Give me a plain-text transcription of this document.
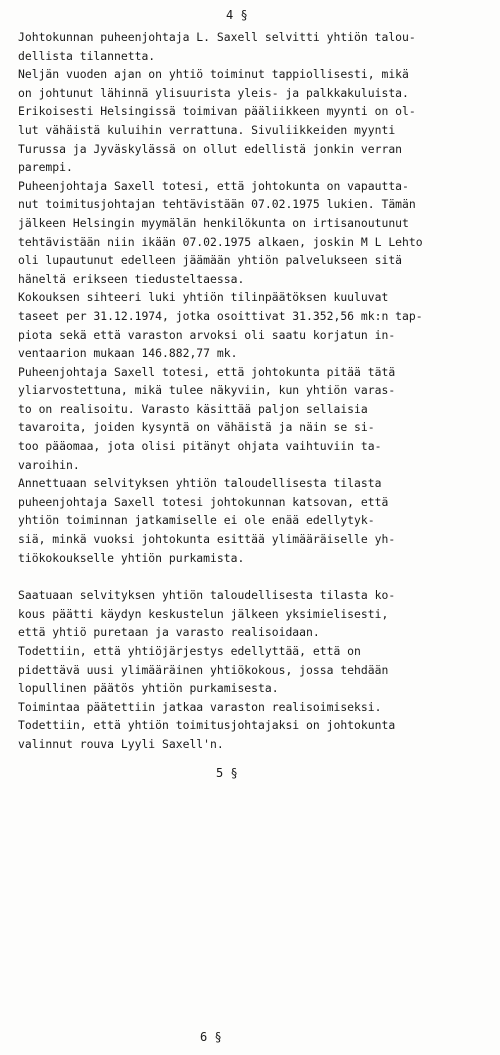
4 §
Johtokunnan puheenjohtaja L. Saxell selvitti yhtiön talou-
dellista tilannetta.
Neljän vuoden ajan on yhtiö toiminut tappiollisesti, mikä
on johtunut lähinnä ylisuurista yleis- ja palkkakuluista.
Erikoisesti Helsingissä toimivan pääliikkeen myynti on ol-
lut vähäistä kuluihin verrattuna. Sivuliikkeiden myynti
Turussa ja Jyväskylässä on ollut edellistä jonkin verran
parempi.
Puheenjohtaja Saxell totesi, että johtokunta on vapautta-
nut toimitusjohtajan tehtävistään 07.02.1975 lukien. Tämän
jälkeen Helsingin myymälän henkilökunta on irtisanoutunut
tehtävistään niin ikään 07.02.1975 alkaen, joskin M L Lehto
oli lupautunut edelleen jäämään yhtiön palvelukseen sitä
häneltä erikseen tiedusteltaessa.
Kokouksen sihteeri luki yhtiön tilinpäätöksen kuuluvat
taseet per 31.12.1974, jotka osoittivat 31.352,56 mk:n tap-
piota sekä että varaston arvoksi oli saatu korjatun in-
ventaarion mukaan 146.882,77 mk.
Puheenjohtaja Saxell totesi, että johtokunta pitää tätä
yliarvostettuna, mikä tulee näkyviin, kun yhtiön varas-
to on realisoitu. Varasto käsittää paljon sellaisia
tavaroita, joiden kysyntä on vähäistä ja näin se si-
too pääomaa, jota olisi pitänyt ohjata vaihtuviin ta-
varoihin.
Annettuaan selvityksen yhtiön taloudellisesta tilasta
puheenjohtaja Saxell totesi johtokunnan katsovan, että
yhtiön toiminnan jatkamiselle ei ole enää edellytyk-
siä, minkä vuoksi johtokunta esittää ylimääräiselle yh-
tiökokoukselle yhtiön purkamista.
Saatuaan selvityksen yhtiön taloudellisesta tilasta ko-
kous päätti käydyn keskustelun jälkeen yksimielisesti,
että yhtiö puretaan ja varasto realisoidaan.
Todettiin, että yhtiöjärjestys edellyttää, että on
pidettävä uusi ylimääräinen yhtiökokous, jossa tehdään
lopullinen päätös yhtiön purkamisesta.
Toimintaa päätettiin jatkaa varaston realisoimiseksi.
Todettiin, että yhtiön toimitusjohtajaksi on johtokunta
valinnut rouva Lyyli Saxell'n.
5 §
6 §
